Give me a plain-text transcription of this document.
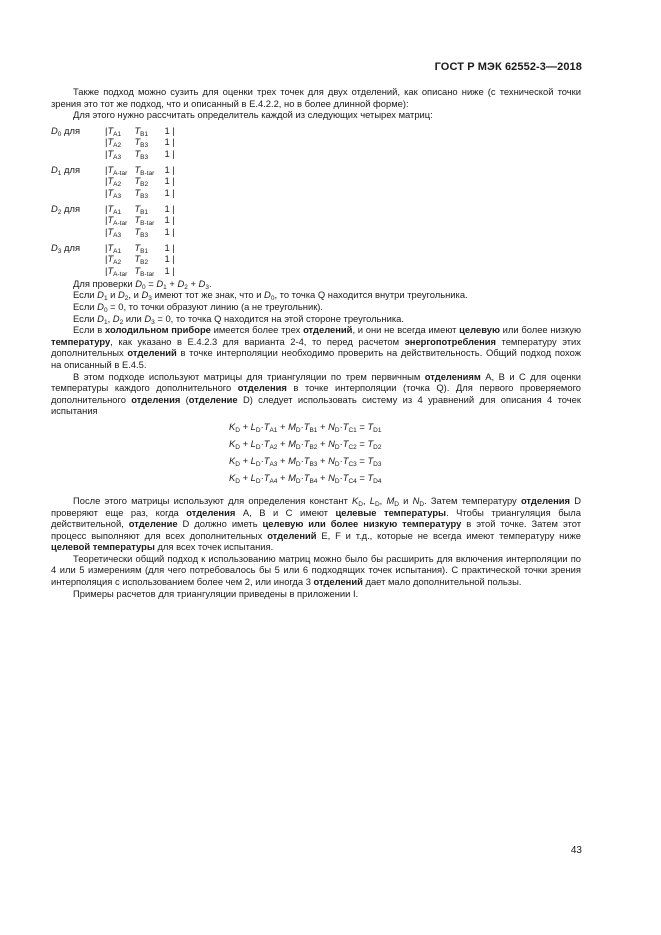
ГОСТ Р МЭК 62552-3—2018

Также подход можно сузить для оценки трех точек для двух отделений, как описано ниже (с технической точки зрения это тот же подход, что и описанный в Е.4.2.2, но в более длинной форме):

Для этого нужно рассчитать определитель каждой из следующих четырех матриц:

$D_0$ для	$|T_{A1}$ $T_{B1}$ 1 |
$|T_{A2}$ $T_{B3}$ 1 |
$|T_{A3}$ $T_{B3}$ 1 |
$D_1$ для	$|T_{A-tar}$ $T_{B-tar}$ 1 |
$|T_{A2}$ $T_{B2}$ 1 |
$|T_{A3}$ $T_{B3}$ 1 |
$D_2$ для	$|T_{A1}$ $T_{B1}$ 1 |
$|T_{A-tar}$ $T_{B-tar}$ 1 |
$|T_{A3}$ $T_{B3}$ 1 |
$D_3$ для	$|T_{A1}$ $T_{B1}$ 1 |
$|T_{A2}$ $T_{B2}$ 1 |
$|T_{A-tar}$ $T_{B-tar}$ 1 |
Для проверки $D_0 = D_1 + D_2 + D_3$.
Если $D_1$ и $D_2$, и $D_3$ имеют тот же знак, что и $D_0$, то точка Q находится внутри треугольника.
Если $D_0 = 0$, то точки образуют линию (а не треугольник).
Если $D_1$, $D_2$ или $D_3 = 0$, то точка Q находится на этой стороне треугольника.

Если в холодильном приборе имеется более трех отделений, и они не всегда имеют целевую или более низкую температуру, как указано в Е.4.2.3 для варианта 2-4, то перед расчетом энергопотребления температуру этих дополнительных отделений в точке интерполяции необходимо проверить на действительность. Общий подход похож на описанный в Е.4.5.

В этом подходе используют матрицы для триангуляции по трем первичным отделениям А, В и С для оценки температуры каждого дополнительного отделения в точке интерполяции (точка Q). Для первого проверяемого дополнительного отделения (отделение D) следует использовать систему из 4 уравнений для описания 4 точек испытания

$K_D + L_D\cdot T_{A1} + M_D\cdot T_{B1} + N_D\cdot T_{C1} = T_{D1}$
$K_D + L_D\cdot T_{A2} + M_D\cdot T_{B2} + N_D\cdot T_{C2} = T_{D2}$
$K_D + L_D\cdot T_{A3} + M_D\cdot T_{B3} + N_D\cdot T_{C3} = T_{D3}$
$K_D + L_D\cdot T_{A4} + M_D\cdot T_{B4} + N_D\cdot T_{C4} = T_{D4}$

После этого матрицы используют для определения констант $K_D$, $L_D$, $M_D$ и $N_D$. Затем температуру отделения D проверяют еще раз, когда отделения А, В и С имеют целевые температуры. Чтобы триангуляция была действительной, отделение D должно иметь целевую или более низкую температуру в этой точке. Затем этот процесс выполняют для всех дополнительных отделений Е, F и т.д., которые не всегда имеют температуру ниже целевой температуры для всех точек испытания.

Теоретически общий подход к использованию матриц можно было бы расширить для включения интерполяции по 4 или 5 измерениям (для чего потребовалось бы 5 или 6 подходящих точек испытания). С практической точки зрения интерполяция с использованием более чем 2, или иногда 3 отделений дает мало дополнительной пользы.

Примеры расчетов для триангуляции приведены в приложении I.

43
